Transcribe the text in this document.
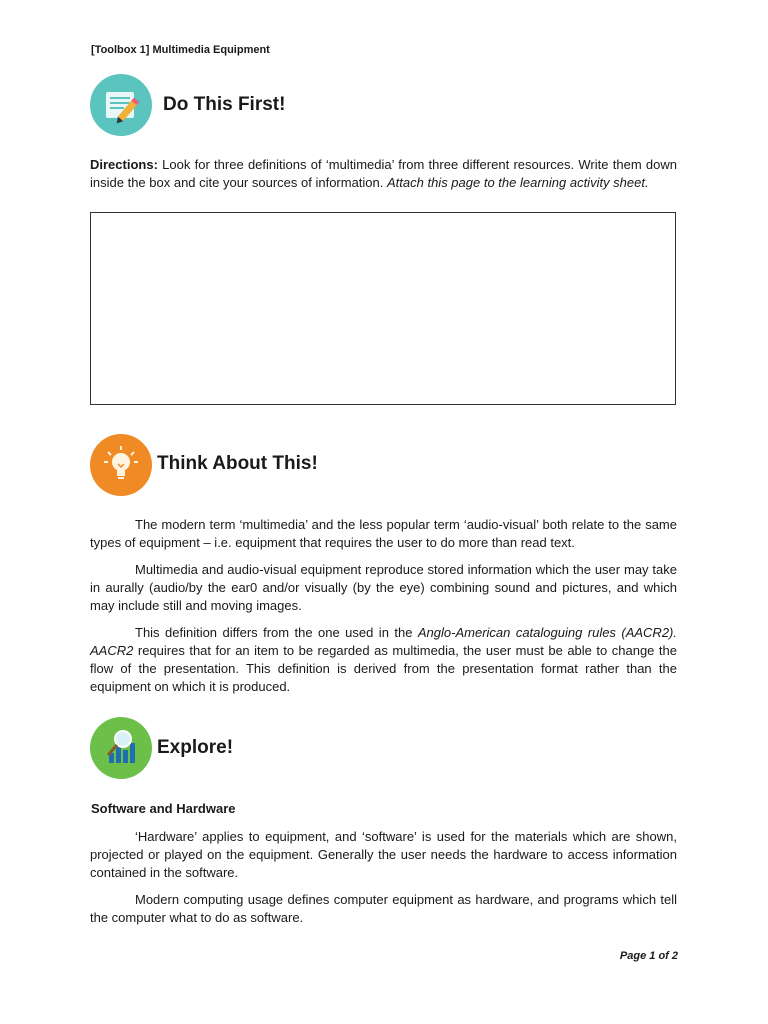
[Toolbox 1] Multimedia Equipment
Do This First!

Directions: Look for three definitions of ‘multimedia’ from three different resources. Write them down inside the box and cite your sources of information. Attach this page to the learning activity sheet.

Think About This!

The modern term ‘multimedia’ and the less popular term ‘audio-visual’ both relate to the same types of equipment – i.e. equipment that requires the user to do more than read text.

Multimedia and audio-visual equipment reproduce stored information which the user may take in aurally (audio/by the ear0 and/or visually (by the eye) combining sound and pictures, and which may include still and moving images.

This definition differs from the one used in the Anglo-American cataloguing rules (AACR2). AACR2 requires that for an item to be regarded as multimedia, the user must be able to change the flow of the presentation. This definition is derived from the presentation format rather than the equipment on which it is produced.

Explore!
Software and Hardware

‘Hardware’ applies to equipment, and ‘software’ is used for the materials which are shown, projected or played on the equipment. Generally the user needs the hardware to access information contained in the software.

Modern computing usage defines computer equipment as hardware, and programs which tell the computer what to do as software.

Page 1 of 2
